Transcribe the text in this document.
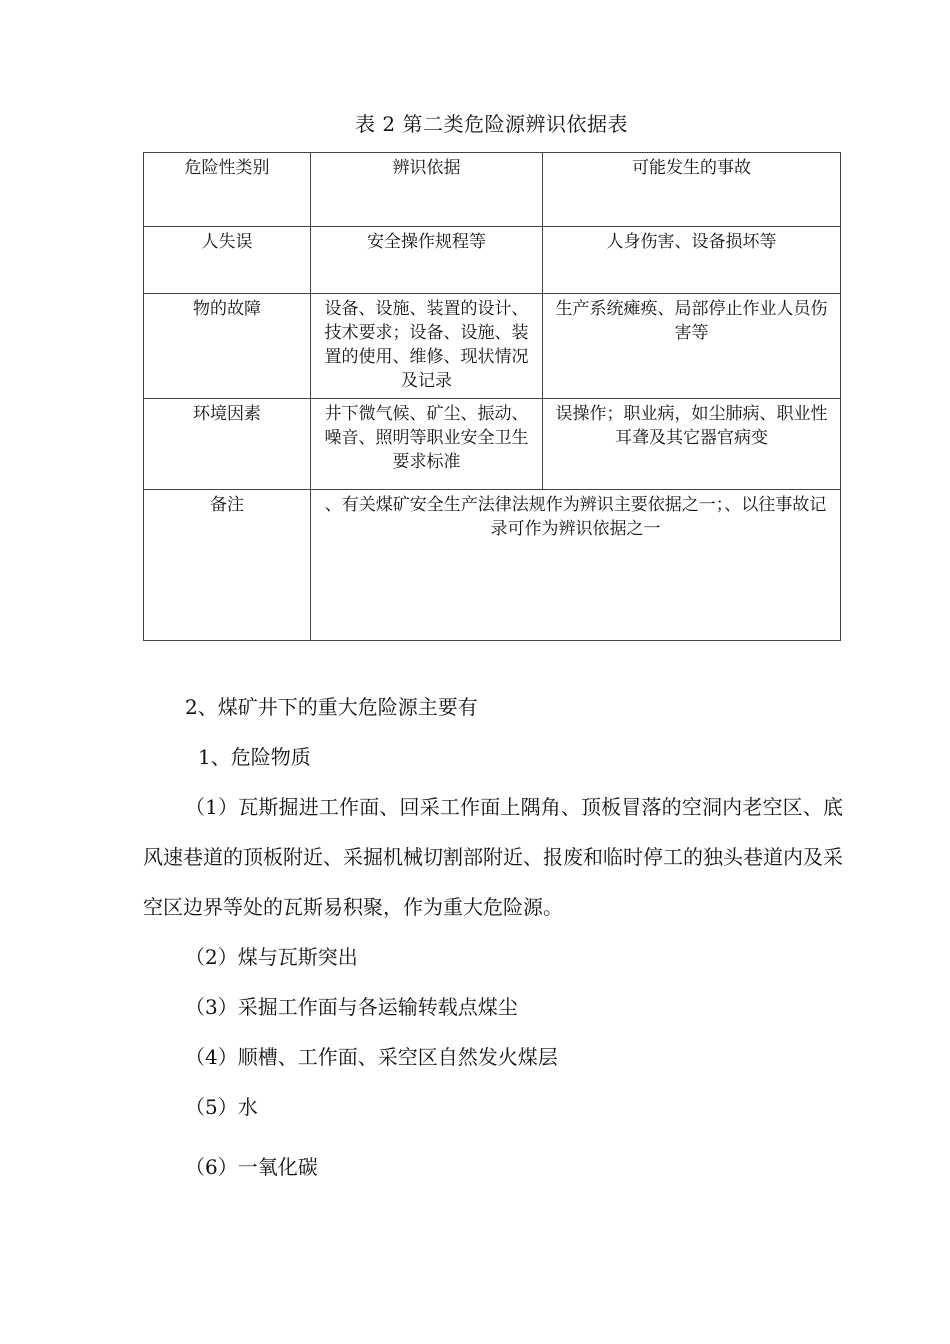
表 2 第二类危险源辨识依据表
危险性类别	辨识依据	可能发生的事故
人失误	安全操作规程等	人身伤害、设备损坏等
物的故障	设备、设施、装置的设计、技术要求；设备、设施、装置的使用、维修、现状情况及记录	生产系统瘫痪、局部停止作业人员伤害等
环境因素	井下微气候、矿尘、振动、噪音、照明等职业安全卫生要求标准	误操作；职业病，如尘肺病、职业性耳聋及其它器官病变
备注	、有关煤矿安全生产法律法规作为辨识主要依据之一；、以往事故记录可作为辨识依据之一	

2、煤矿井下的重大危险源主要有

1、危险物质

（1）瓦斯掘进工作面、回采工作面上隅角、顶板冒落的空洞内老空区、底风速巷道的顶板附近、采掘机械切割部附近、报废和临时停工的独头巷道内及采空区边界等处的瓦斯易积聚，作为重大危险源。

（2）煤与瓦斯突出

（3）采掘工作面与各运输转载点煤尘

（4）顺槽、工作面、采空区自然发火煤层

（5）水

（6）一氧化碳
